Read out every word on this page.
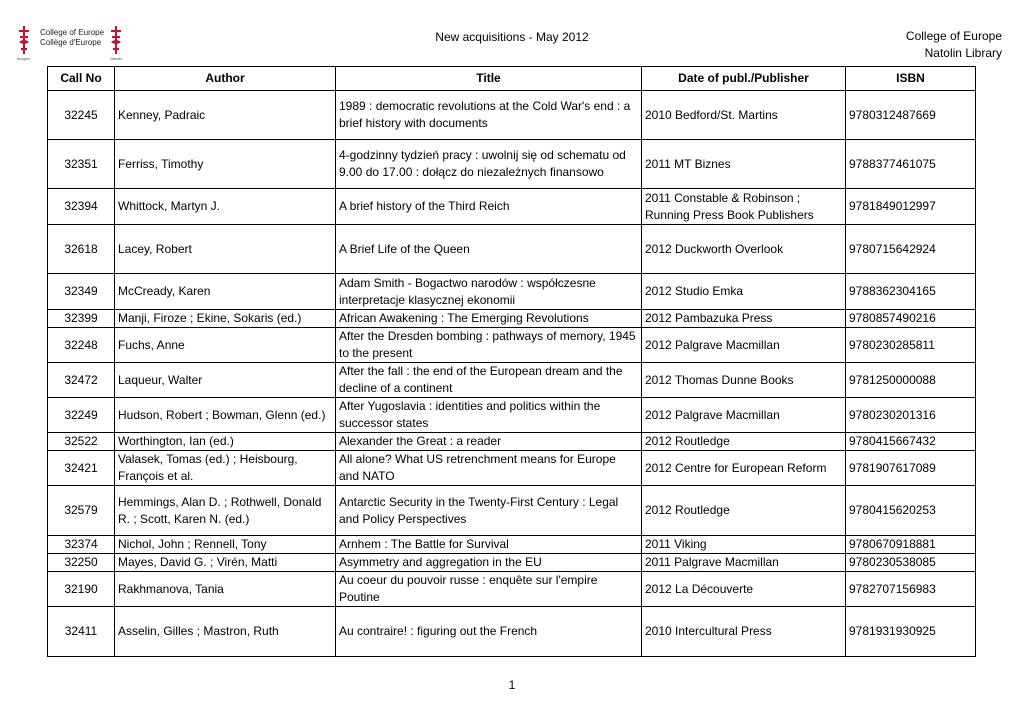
Bruges
College of Europe
Collège d'Europe
Natolin
New acquisitions - May 2012	College of Europe
Natolin Library
Call No	Author	Title	Date of publ./Publisher	ISBN
32245	Kenney, Padraic	1989 : democratic revolutions at the Cold War's end : a brief history with documents	2010 Bedford/St. Martins	9780312487669
32351	Ferriss, Timothy	4-godzinny tydzień pracy : uwolnij się od schematu od 9.00 do 17.00 : dołącz do niezależnych finansowo	2011 MT Biznes	9788377461075
32394	Whittock, Martyn J.	A brief history of the Third Reich	2011 Constable & Robinson ; Running Press Book Publishers	9781849012997
32618	Lacey, Robert	A Brief Life of the Queen	2012 Duckworth Overlook	9780715642924
32349	McCready, Karen	Adam Smith - Bogactwo narodów : współczesne interpretacje klasycznej ekonomii	2012 Studio Emka	9788362304165
32399	Manji, Firoze ; Ekine, Sokaris (ed.)	African Awakening : The Emerging Revolutions	2012 Pambazuka Press	9780857490216
32248	Fuchs, Anne	After the Dresden bombing : pathways of memory, 1945 to the present	2012 Palgrave Macmillan	9780230285811
32472	Laqueur, Walter	After the fall : the end of the European dream and the decline of a continent	2012 Thomas Dunne Books	9781250000088
32249	Hudson, Robert ; Bowman, Glenn (ed.)	After Yugoslavia : identities and politics within the successor states	2012 Palgrave Macmillan	9780230201316
32522	Worthington, Ian (ed.)	Alexander the Great : a reader	2012 Routledge	9780415667432
32421	Valasek, Tomas (ed.) ; Heisbourg, François et al.	All alone? What US retrenchment means for Europe and NATO	2012 Centre for European Reform	9781907617089
32579	Hemmings, Alan D. ; Rothwell, Donald R. ; Scott, Karen N. (ed.)	Antarctic Security in the Twenty-First Century : Legal and Policy Perspectives	2012 Routledge	9780415620253
32374	Nichol, John ; Rennell, Tony	Arnhem : The Battle for Survival	2011 Viking	9780670918881
32250	Mayes, David G. ; Virén, Matti	Asymmetry and aggregation in the EU	2011 Palgrave Macmillan	9780230538085
32190	Rakhmanova, Tania	Au coeur du pouvoir russe : enquête sur l'empire Poutine	2012 La Découverte	9782707156983
32411	Asselin, Gilles ; Mastron, Ruth	Au contraire! : figuring out the French	2010 Intercultural Press	9781931930925
1
